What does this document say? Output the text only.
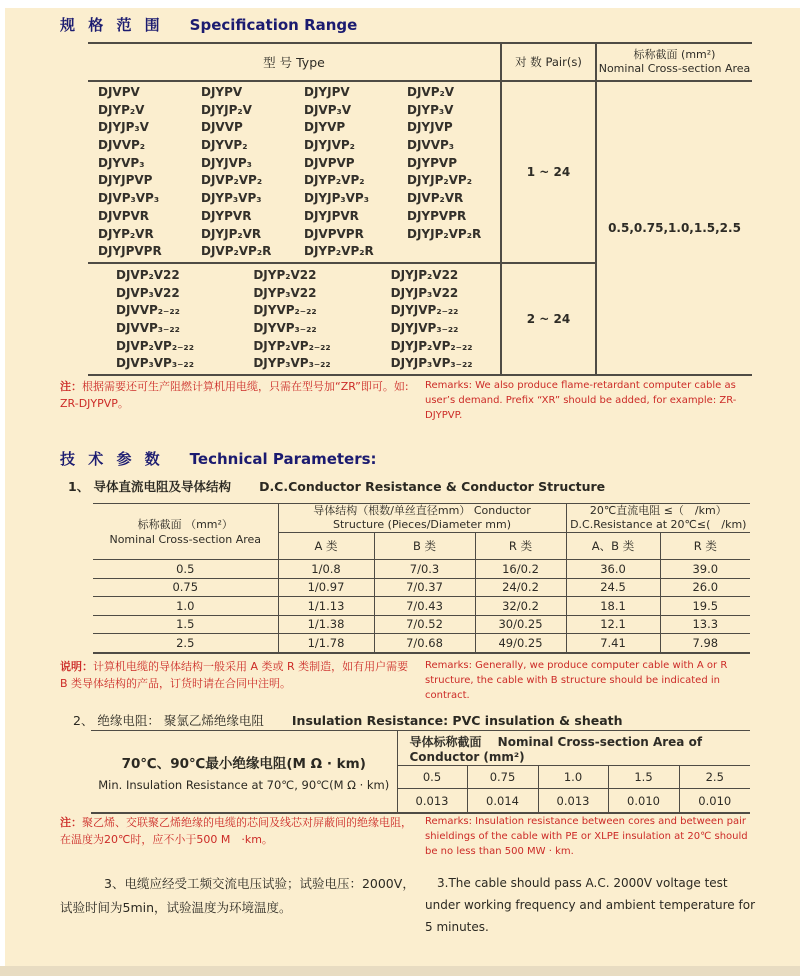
规 格 范 围 Specification Range
型 号 Type	对 数 Pair(s)	标称截面 (mm²)
Nominal Cross-section Area

DJVPV	DJYPV	DJYJPV	DJVP₂V
DJYP₂V	DJYJP₂V	DJVP₃V	DJYP₃V
DJYJP₃V	DJVVP	DJYVP	DJYJVP
DJVVP₂	DJYVP₂	DJYJVP₂	DJVVP₃
DJYVP₃	DJYJVP₃	DJVPVP	DJYPVP
DJYJPVP	DJVP₂VP₂	DJYP₂VP₂	DJYJP₂VP₂
DJVP₃VP₃	DJYP₃VP₃	DJYJP₃VP₃	DJVP₂VR
DJVPVR	DJYPVR	DJYJPVR	DJYPVPR
DJYP₂VR	DJYJP₂VR	DJVPVPR	DJYJP₂VP₂R
DJYJPVPR	DJVP₂VP₂R	DJYP₂VP₂R
	1 ~ 24	0.5,0.75,1.0,1.5,2.5

DJVP₂V22	DJYP₂V22	DJYJP₂V22
DJVP₃V22	DJYP₃V22	DJYJP₃V22
DJVVP₂₋₂₂	DJYVP₂₋₂₂	DJYJVP₂₋₂₂
DJVVP₃₋₂₂	DJYVP₃₋₂₂	DJYJVP₃₋₂₂
DJVP₂VP₂₋₂₂	DJYP₂VP₂₋₂₂	DJYJP₂VP₂₋₂₂
DJVP₃VP₃₋₂₂	DJYP₃VP₃₋₂₂	DJYJP₃VP₃₋₂₂
	2 ~ 24

注：根据需要还可生产阻燃计算机用电缆，只需在型号加“ZR”即可。如: ZR-DJYPVP。

Remarks: We also produce flame-retardant computer cable as user’s demand. Prefix “XR” should be added, for example: ZR-DJYPVP.

技 术 参 数 Technical Parameters:
1、 导体直流电阻及导体结构 D.C.Conductor Resistance & Conductor Structure
标称截面 （mm²）
Nominal Cross-section Area

导体结构（根数/单丝直径mm） Conductor
Structure (Pieces/Diameter mm)

20℃直流电阻 ≤（　/km）
D.C.Resistance at 20℃≤(　/km)

	A 类	B 类	R 类	A、B 类	R 类
0.5	1/0.8	7/0.3	16/0.2	36.0	39.0
0.75	1/0.97	7/0.37	24/0.2	24.5	26.0
1.0	1/1.13	7/0.43	32/0.2	18.1	19.5
1.5	1/1.38	7/0.52	30/0.25	12.1	13.3
2.5	1/1.78	7/0.68	49/0.25	7.41	7.98

说明：计算机电缆的导体结构一般采用 A 类或 R 类制造，如有用户需要 B 类导体结构的产品，订货时请在合同中注明。

Remarks: Generally, we produce computer cable with A or R structure, the cable with B structure should be indicated in contract.

2、 绝缘电阻： 聚氯乙烯绝缘电阻 Insulation Resistance: PVC insulation & sheath
70℃、90℃最小绝缘电阻(M Ω · km)
Min. Insulation Resistance at 70℃, 90℃(M Ω · km)	导体标称截面　 Nominal Cross-section Area of Conductor (mm²)				
	0.5	0.75	1.0	1.5	2.5
	0.013	0.014	0.013	0.010	0.010

注：聚乙烯、交联聚乙烯绝缘的电缆的芯间及线芯对屏蔽间的绝缘电阻，在温度为20℃时，应不小于500 M　·km。

Remarks: Insulation resistance between cores and between pair shieldings of the cable with PE or XLPE insulation at 20℃ should be no less than 500 MW · km.

3、电缆应经受工频交流电压试验；试验电压：2000V，试验时间为5min，试验温度为环境温度。

3.The cable should pass A.C. 2000V voltage test under working frequency and ambient temperature for 5 minutes.
